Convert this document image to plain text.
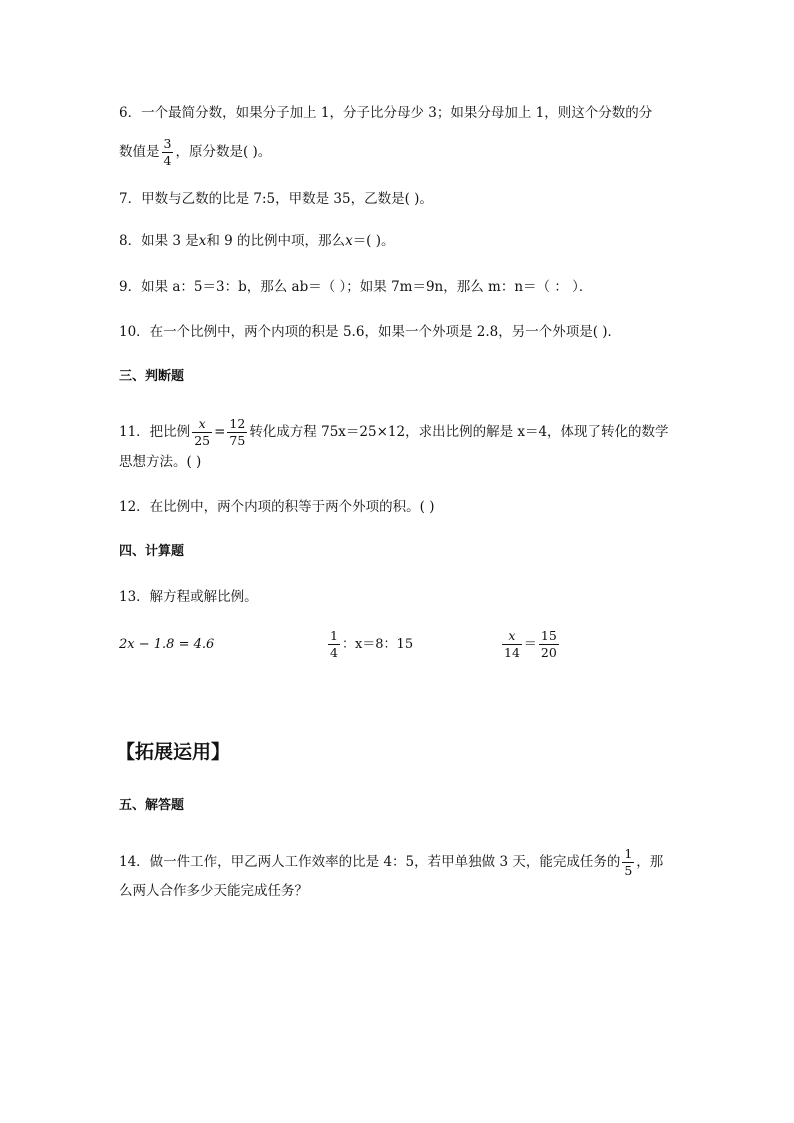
6．一个最简分数，如果分子加上 1，分子比分母少 3；如果分母加上 1，则这个分数的分
数值是 $\frac{3}{4}$ ，原分数是( )。
7．甲数与乙数的比是 7:5，甲数是 35，乙数是( )。
8．如果 3 是x和 9 的比例中项，那么x＝( )。
9．如果 a：5＝3：b，那么 ab＝（ ）；如果 7m＝9n，那么 m：n＝（ ： ）．
10．在一个比例中，两个内项的积是 5.6，如果一个外项是 2.8，另一个外项是( )．
三、判断题
11．把比例 $\frac{x}{25} = \frac{12}{75}$ 转化成方程 75x＝25×12，求出比例的解是 x＝4，体现了转化的数学
思想方法。( )
12．在比例中，两个内项的积等于两个外项的积。( )
四、计算题
13．解方程或解比例。
2x − 1.8 = 4.6	$\frac{1}{4}$ ：x＝8：15	$\frac{x}{14} = \frac{15}{20}$
【拓展运用】
五、解答题
14．做一件工作，甲乙两人工作效率的比是 4：5，若甲单独做 3 天，能完成任务的 $\frac{1}{5}$ ，那
么两人合作多少天能完成任务？
